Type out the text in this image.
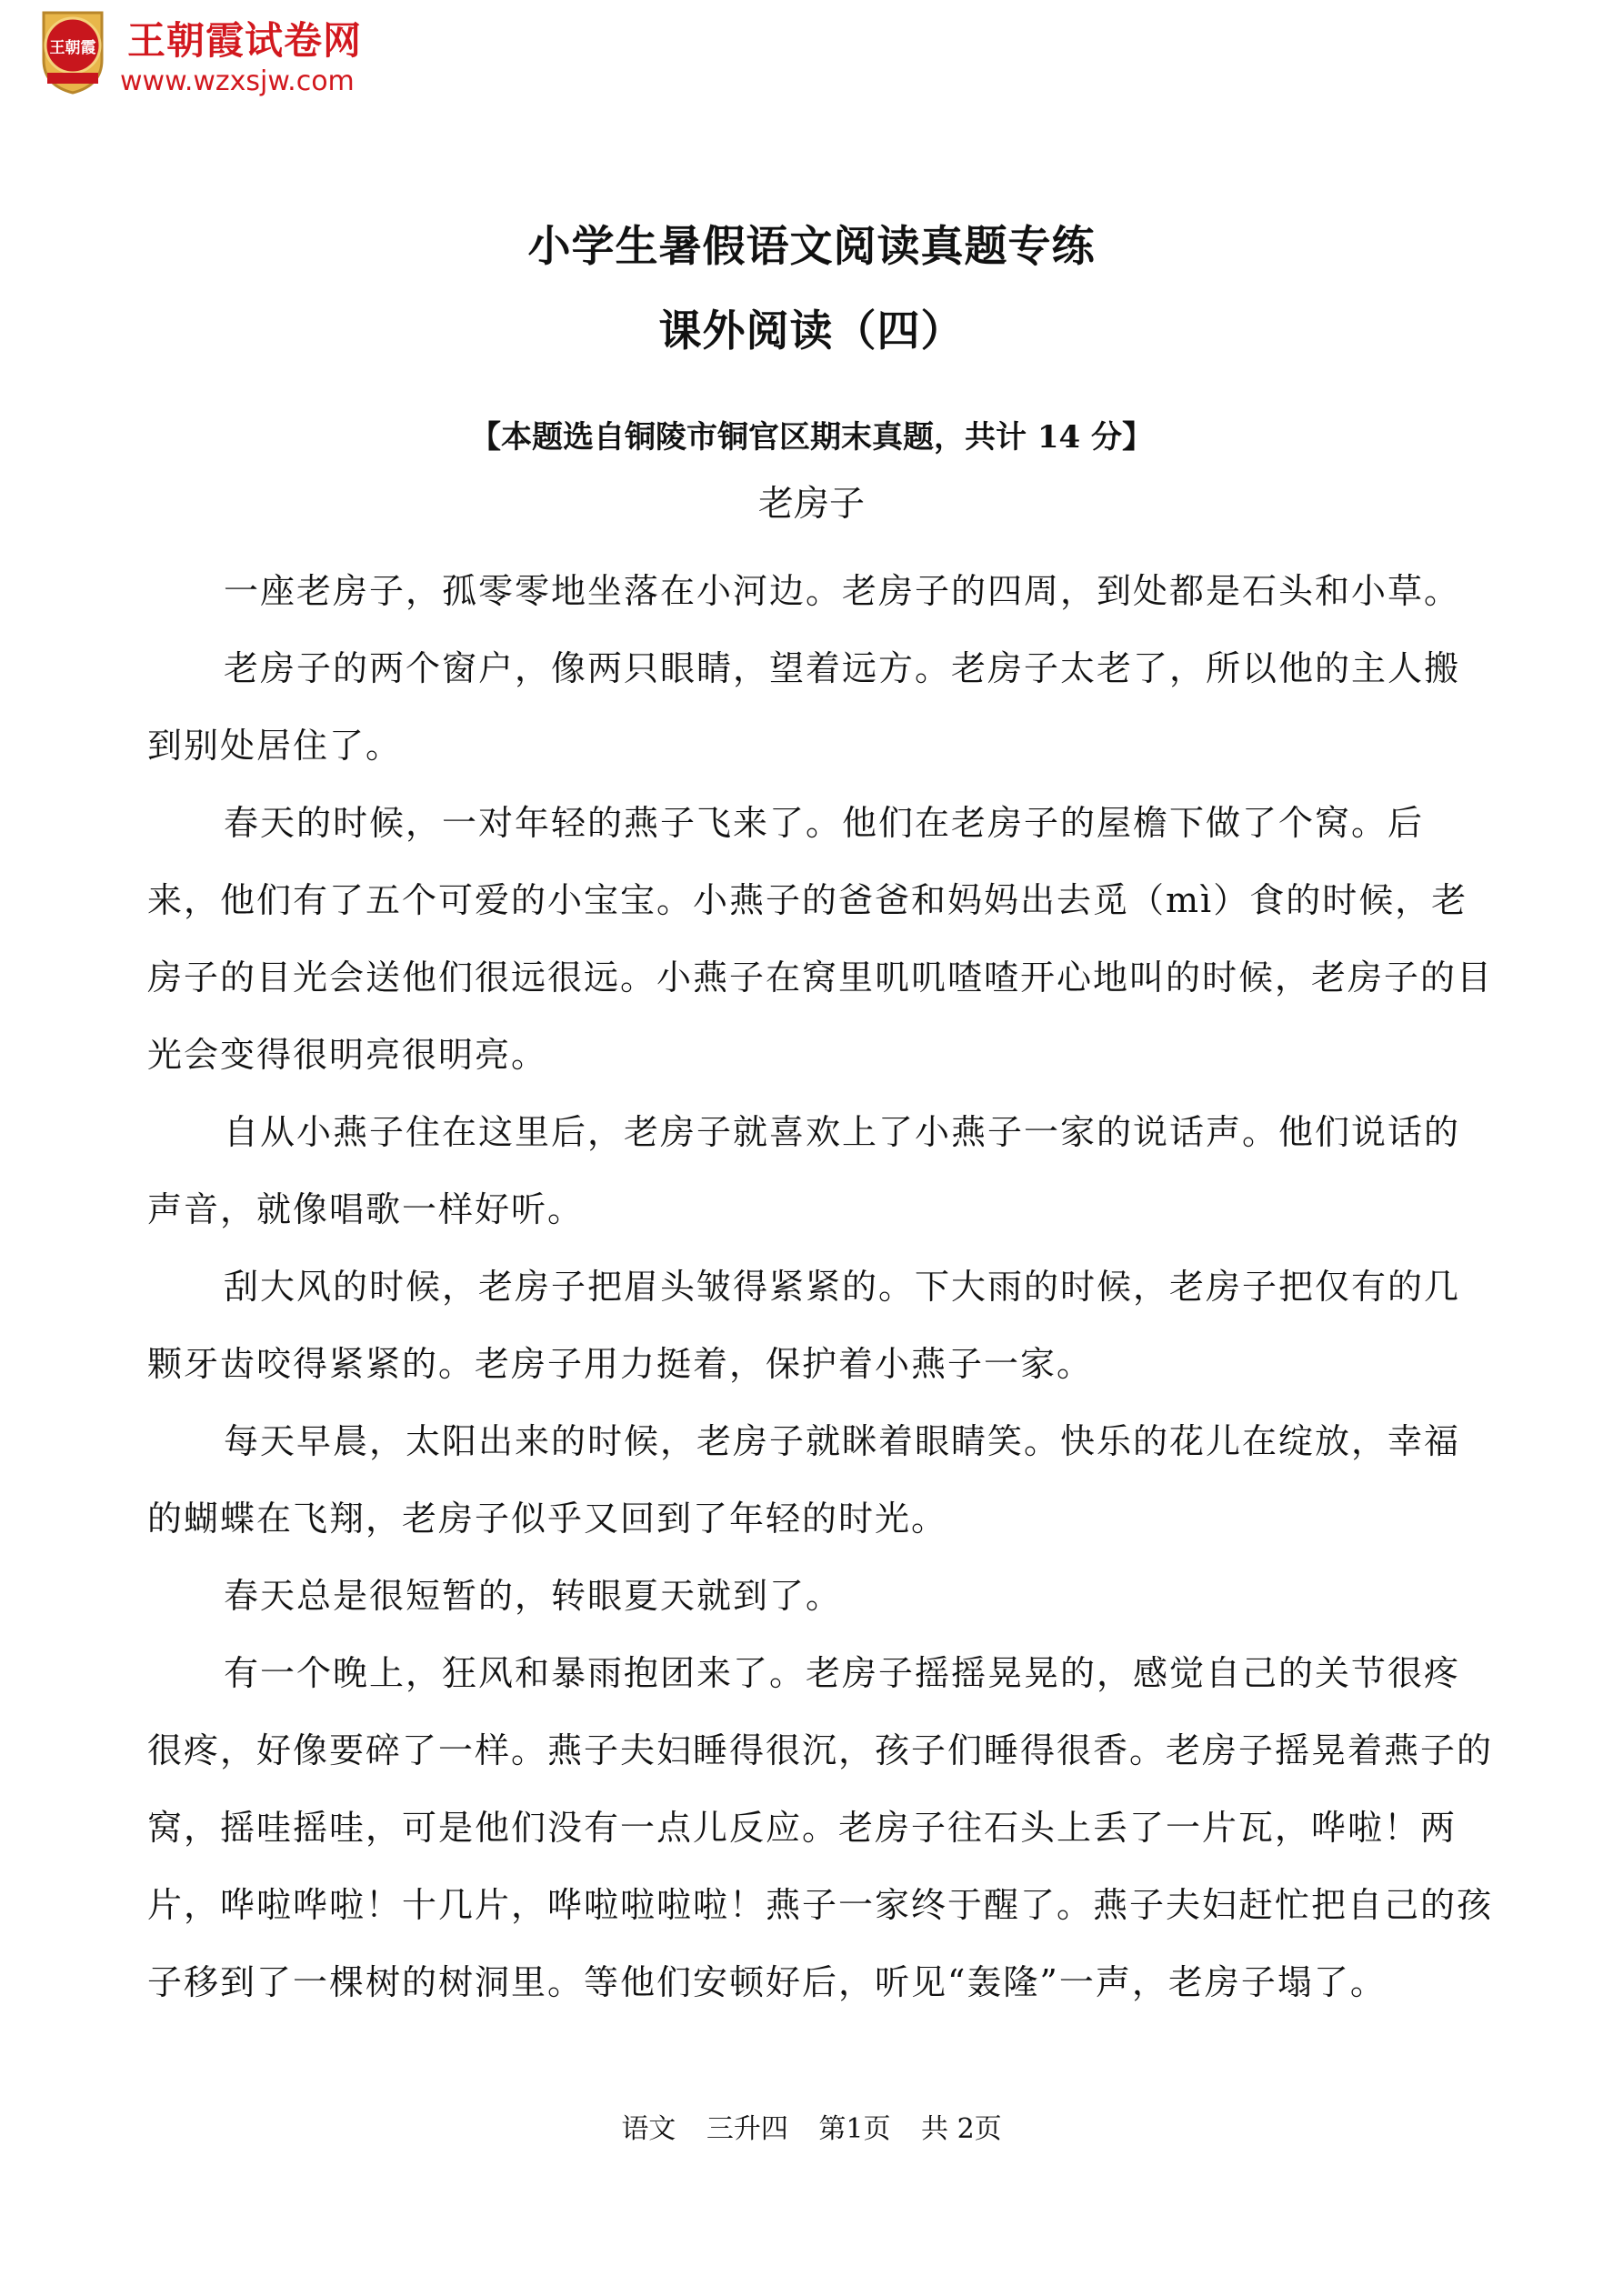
王朝霞 王朝霞试卷网
www.wzxsjw.com
小学生暑假语文阅读真题专练
课外阅读（四）
【本题选自铜陵市铜官区期末真题，共计 14 分】
老房子

一座老房子，孤零零地坐落在小河边。老房子的四周，到处都是石头和小草。

老房子的两个窗户，像两只眼睛，望着远方。老房子太老了，所以他的主人搬到别处居住了。

春天的时候，一对年轻的燕子飞来了。他们在老房子的屋檐下做了个窝。后来，他们有了五个可爱的小宝宝。小燕子的爸爸和妈妈出去觅（mì）食的时候，老房子的目光会送他们很远很远。小燕子在窝里叽叽喳喳开心地叫的时候，老房子的目光会变得很明亮很明亮。

自从小燕子住在这里后，老房子就喜欢上了小燕子一家的说话声。他们说话的声音，就像唱歌一样好听。

刮大风的时候，老房子把眉头皱得紧紧的。下大雨的时候，老房子把仅有的几颗牙齿咬得紧紧的。老房子用力挺着，保护着小燕子一家。

每天早晨，太阳出来的时候，老房子就眯着眼睛笑。快乐的花儿在绽放，幸福的蝴蝶在飞翔，老房子似乎又回到了年轻的时光。

春天总是很短暂的，转眼夏天就到了。

有一个晚上，狂风和暴雨抱团来了。老房子摇摇晃晃的，感觉自己的关节很疼很疼，好像要碎了一样。燕子夫妇睡得很沉，孩子们睡得很香。老房子摇晃着燕子的窝，摇哇摇哇，可是他们没有一点儿反应。老房子往石头上丢了一片瓦，哗啦！两片，哗啦哗啦！十几片，哗啦啦啦啦！燕子一家终于醒了。燕子夫妇赶忙把自己的孩子移到了一棵树的树洞里。等他们安顿好后，听见“轰隆”一声，老房子塌了。

语文 三升四 第1页 共 2页
